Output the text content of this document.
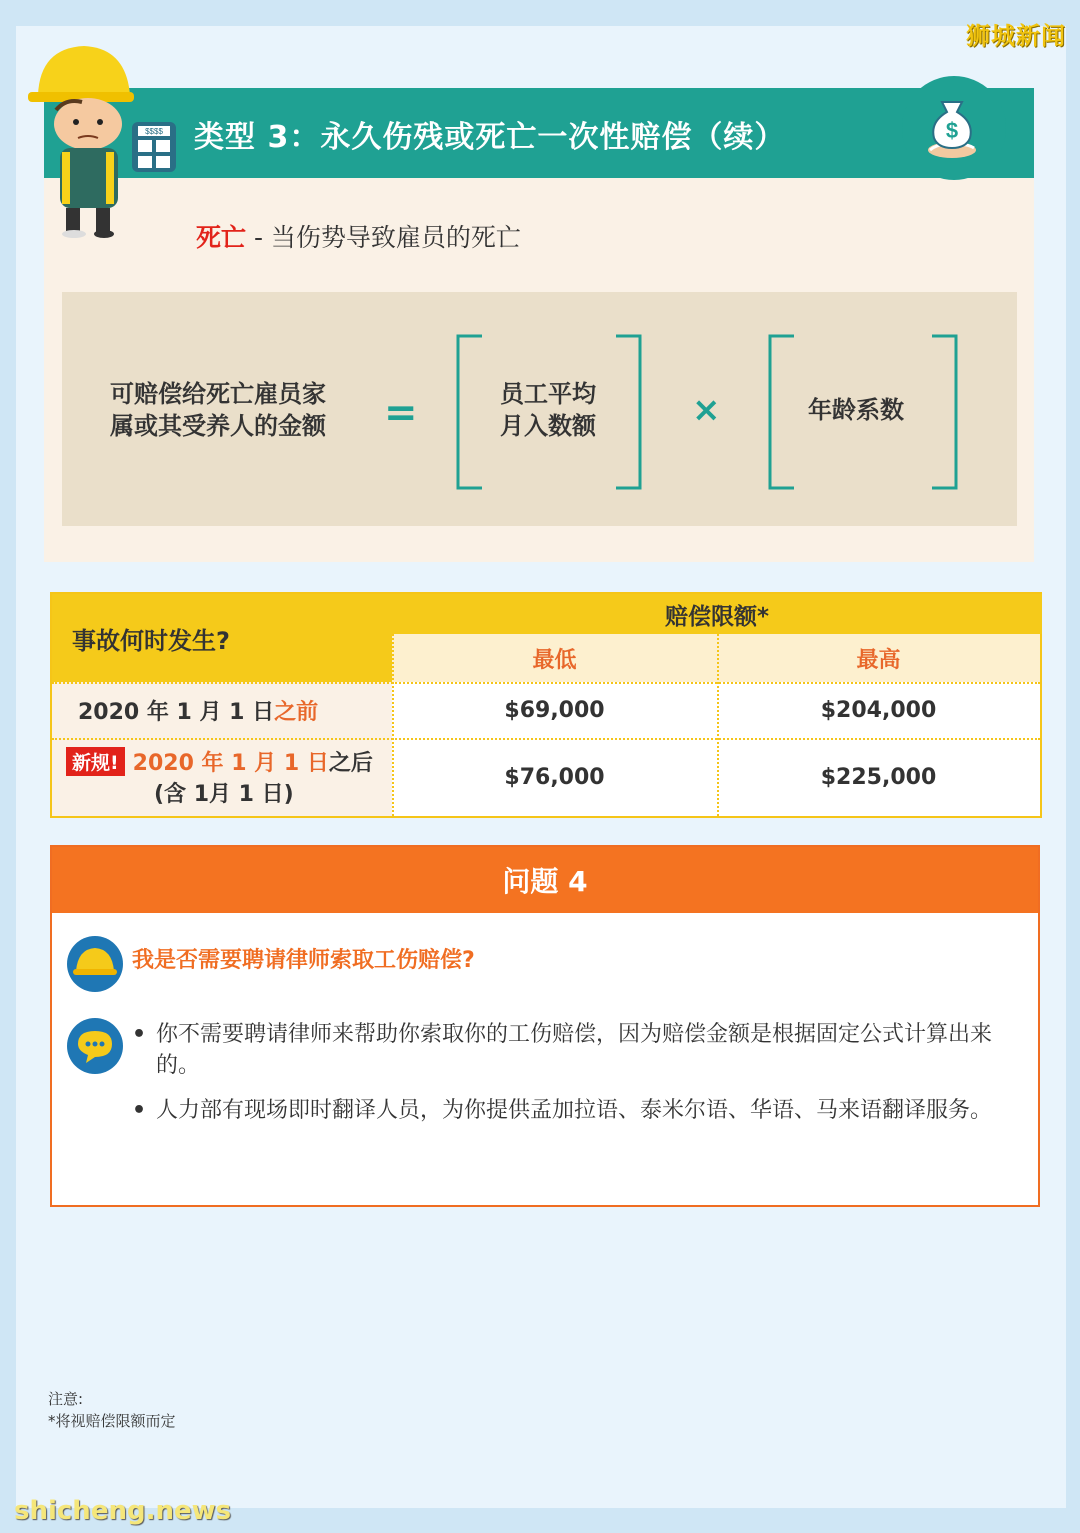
狮城新闻
类型 3：永久伤残或死亡一次性赔偿（续）	$
$$$$
死亡 - 当伤势导致雇员的死亡
可赔偿给死亡雇员家
属或其受养人的金额 =	员工平均
月入数额	×	年龄系数
事故何时发生?
赔偿限额*
最低	最高
2020 年 1 月 1 日 之前	$69,000	$204,000
新规! 2020 年 1 月 1 日 之后
(含 1月 1 日)
$76,000	$225,000
问题 4
我是否需要聘请律师索取工伤赔偿?
• 你不需要聘请律师来帮助你索取你的工伤赔偿，因为赔偿金额是根据固定公式计算出来的。
• 人力部有现场即时翻译人员，为你提供孟加拉语、泰米尔语、华语、马来语翻译服务。
注意:
*将视赔偿限额而定
shicheng.news
